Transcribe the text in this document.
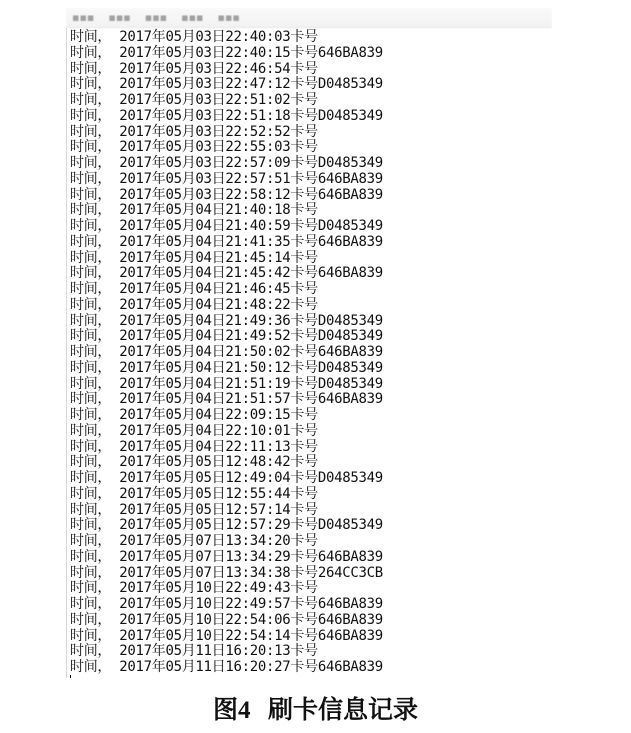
▪▪▪ ▪▪▪ ▪▪▪ ▪▪▪ ▪▪▪
时间， 2017年05月03日22:40:03卡号
时间， 2017年05月03日22:40:15卡号646BA839
时间， 2017年05月03日22:46:54卡号
时间， 2017年05月03日22:47:12卡号D0485349
时间， 2017年05月03日22:51:02卡号
时间， 2017年05月03日22:51:18卡号D0485349
时间， 2017年05月03日22:52:52卡号
时间， 2017年05月03日22:55:03卡号
时间， 2017年05月03日22:57:09卡号D0485349
时间， 2017年05月03日22:57:51卡号646BA839
时间， 2017年05月03日22:58:12卡号646BA839
时间， 2017年05月04日21:40:18卡号
时间， 2017年05月04日21:40:59卡号D0485349
时间， 2017年05月04日21:41:35卡号646BA839
时间， 2017年05月04日21:45:14卡号
时间， 2017年05月04日21:45:42卡号646BA839
时间， 2017年05月04日21:46:45卡号
时间， 2017年05月04日21:48:22卡号
时间， 2017年05月04日21:49:36卡号D0485349
时间， 2017年05月04日21:49:52卡号D0485349
时间， 2017年05月04日21:50:02卡号646BA839
时间， 2017年05月04日21:50:12卡号D0485349
时间， 2017年05月04日21:51:19卡号D0485349
时间， 2017年05月04日21:51:57卡号646BA839
时间， 2017年05月04日22:09:15卡号
时间， 2017年05月04日22:10:01卡号
时间， 2017年05月04日22:11:13卡号
时间， 2017年05月05日12:48:42卡号
时间， 2017年05月05日12:49:04卡号D0485349
时间， 2017年05月05日12:55:44卡号
时间， 2017年05月05日12:57:14卡号
时间， 2017年05月05日12:57:29卡号D0485349
时间， 2017年05月07日13:34:20卡号
时间， 2017年05月07日13:34:29卡号646BA839
时间， 2017年05月07日13:34:38卡号264CC3CB
时间， 2017年05月10日22:49:43卡号
时间， 2017年05月10日22:49:57卡号646BA839
时间， 2017年05月10日22:54:06卡号646BA839
时间， 2017年05月10日22:54:14卡号646BA839
时间， 2017年05月11日16:20:13卡号
时间， 2017年05月11日16:20:27卡号646BA839
图4 刷卡信息记录
